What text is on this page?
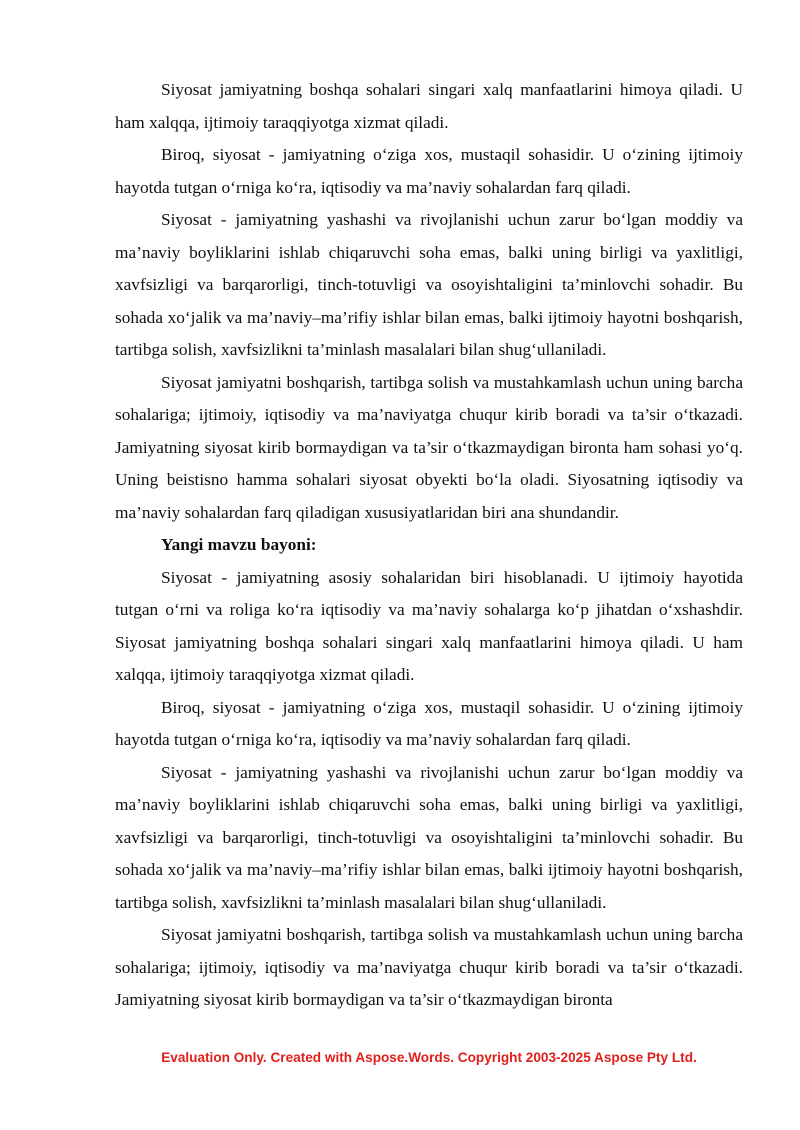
Siyosat jamiyatning boshqa sohalari singari xalq manfaatlarini himoya qiladi. U ham xalqqa, ijtimoiy taraqqiyotga xizmat qiladi.

Biroq, siyosat - jamiyatning o‘ziga xos, mustaqil sohasidir. U o‘zining ijtimoiy hayotda tutgan o‘rniga ko‘ra, iqtisodiy va ma’naviy sohalardan farq qiladi.

Siyosat - jamiyatning yashashi va rivojlanishi uchun zarur bo‘lgan moddiy va ma’naviy boyliklarini ishlab chiqaruvchi soha emas, balki uning birligi va yaxlitligi, xavfsizligi va barqarorligi, tinch-totuvligi va osoyishtaligini ta’minlovchi sohadir. Bu sohada xo‘jalik va ma’naviy–ma’rifiy ishlar bilan emas, balki ijtimoiy hayotni boshqarish, tartibga solish, xavfsizlikni ta’minlash masalalari bilan shug‘ullaniladi.

Siyosat jamiyatni boshqarish, tartibga solish va mustahkamlash uchun uning barcha sohalariga; ijtimoiy, iqtisodiy va ma’naviyatga chuqur kirib boradi va ta’sir o‘tkazadi. Jamiyatning siyosat kirib bormaydigan va ta’sir o‘tkazmaydigan bironta ham sohasi yo‘q. Uning beistisno hamma sohalari siyosat obyekti bo‘la oladi. Siyosatning iqtisodiy va ma’naviy sohalardan farq qiladigan xususiyatlaridan biri ana shundandir.

Yangi mavzu bayoni:

Siyosat - jamiyatning asosiy sohalaridan biri hisoblanadi. U ijtimoiy hayotida tutgan o‘rni va roliga ko‘ra iqtisodiy va ma’naviy sohalarga ko‘p jihatdan o‘xshashdir. Siyosat jamiyatning boshqa sohalari singari xalq manfaatlarini himoya qiladi. U ham xalqqa, ijtimoiy taraqqiyotga xizmat qiladi.

Biroq, siyosat - jamiyatning o‘ziga xos, mustaqil sohasidir. U o‘zining ijtimoiy hayotda tutgan o‘rniga ko‘ra, iqtisodiy va ma’naviy sohalardan farq qiladi.

Siyosat - jamiyatning yashashi va rivojlanishi uchun zarur bo‘lgan moddiy va ma’naviy boyliklarini ishlab chiqaruvchi soha emas, balki uning birligi va yaxlitligi, xavfsizligi va barqarorligi, tinch-totuvligi va osoyishtaligini ta’minlovchi sohadir. Bu sohada xo‘jalik va ma’naviy–ma’rifiy ishlar bilan emas, balki ijtimoiy hayotni boshqarish, tartibga solish, xavfsizlikni ta’minlash masalalari bilan shug‘ullaniladi.

Siyosat jamiyatni boshqarish, tartibga solish va mustahkamlash uchun uning barcha sohalariga; ijtimoiy, iqtisodiy va ma’naviyatga chuqur kirib boradi va ta’sir o‘tkazadi. Jamiyatning siyosat kirib bormaydigan va ta’sir o‘tkazmaydigan bironta

Evaluation Only. Created with Aspose.Words. Copyright 2003-2025 Aspose Pty Ltd.
